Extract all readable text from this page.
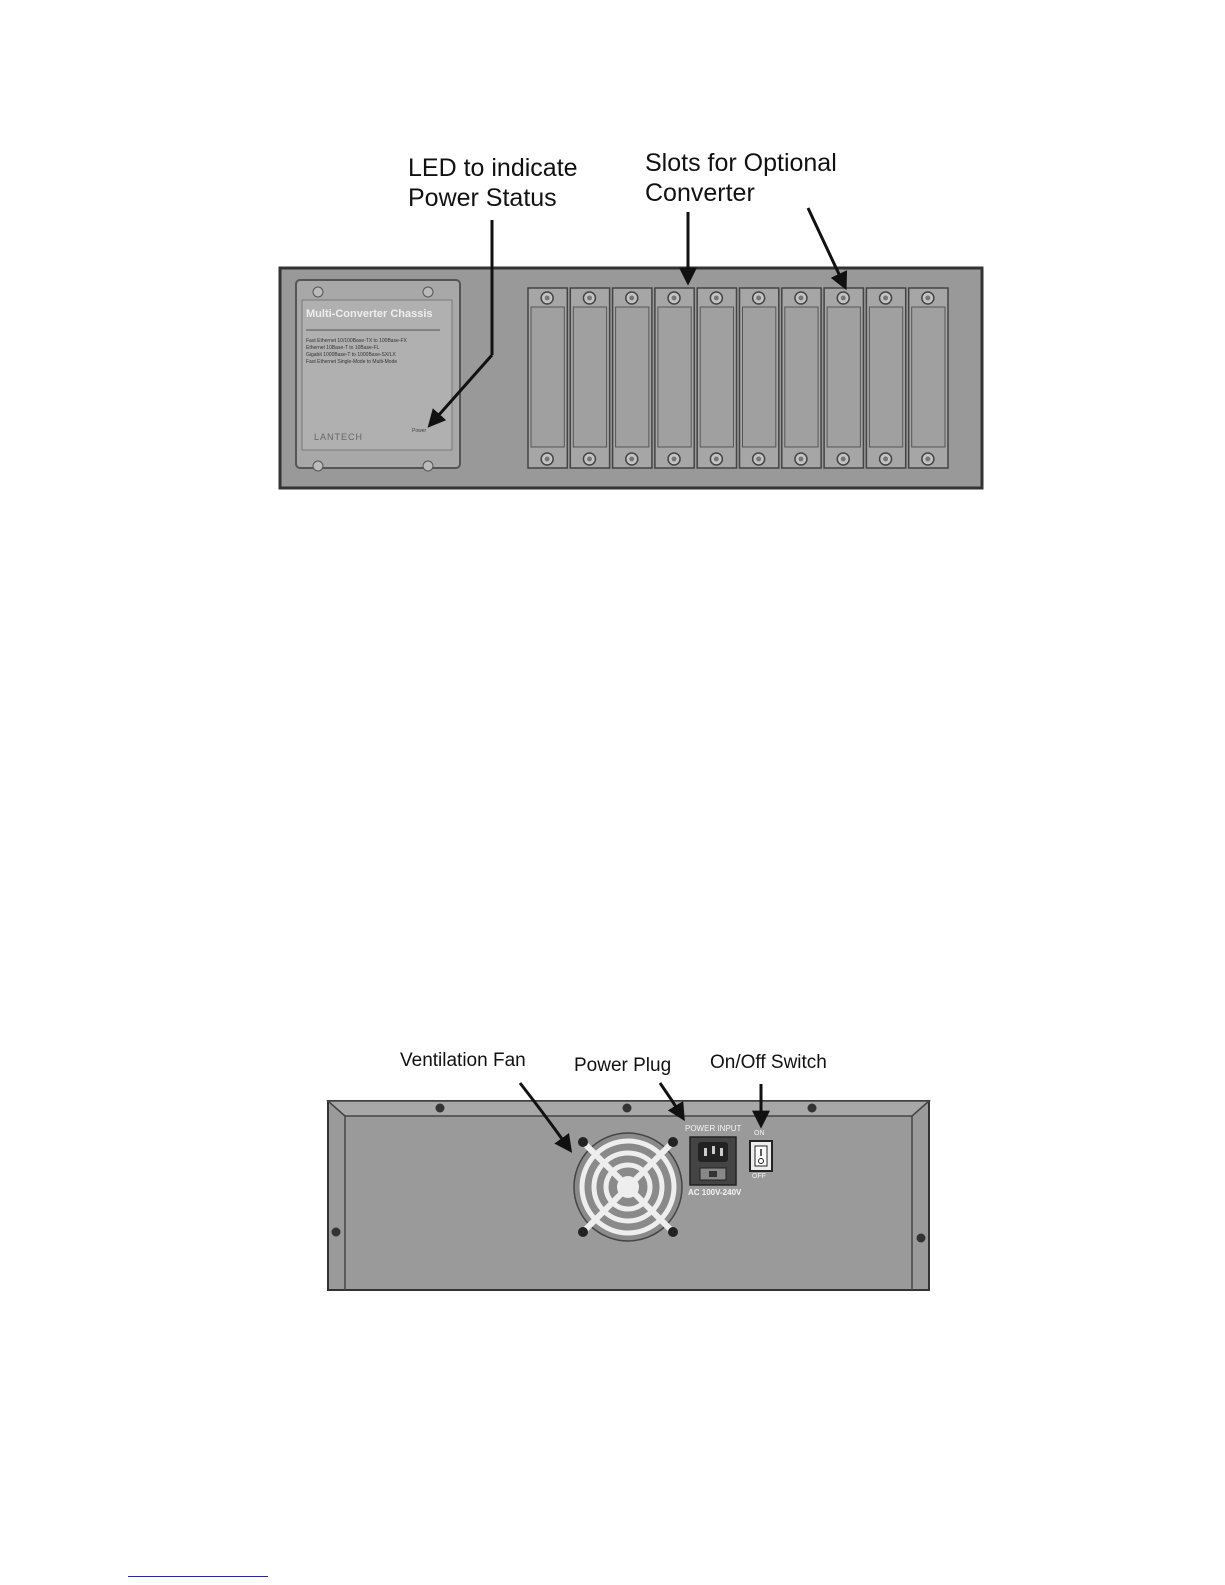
LED to indicate
Power Status
Slots for Optional
Converter
Multi-Converter Chassis
Fast Ethernet 10/100Base-TX to 100Base-FX
Ethernet 10Base-T to 10Base-FL
Gigabit 1000Base-T to 1000Base-SX/LX
Fast Ethernet Single-Mode to Multi-Mode
LANTECH
Power
Ventilation Fan	Power Plug On/Off Switch
POWER INPUT
AC 100V-240V
ON
OFF
